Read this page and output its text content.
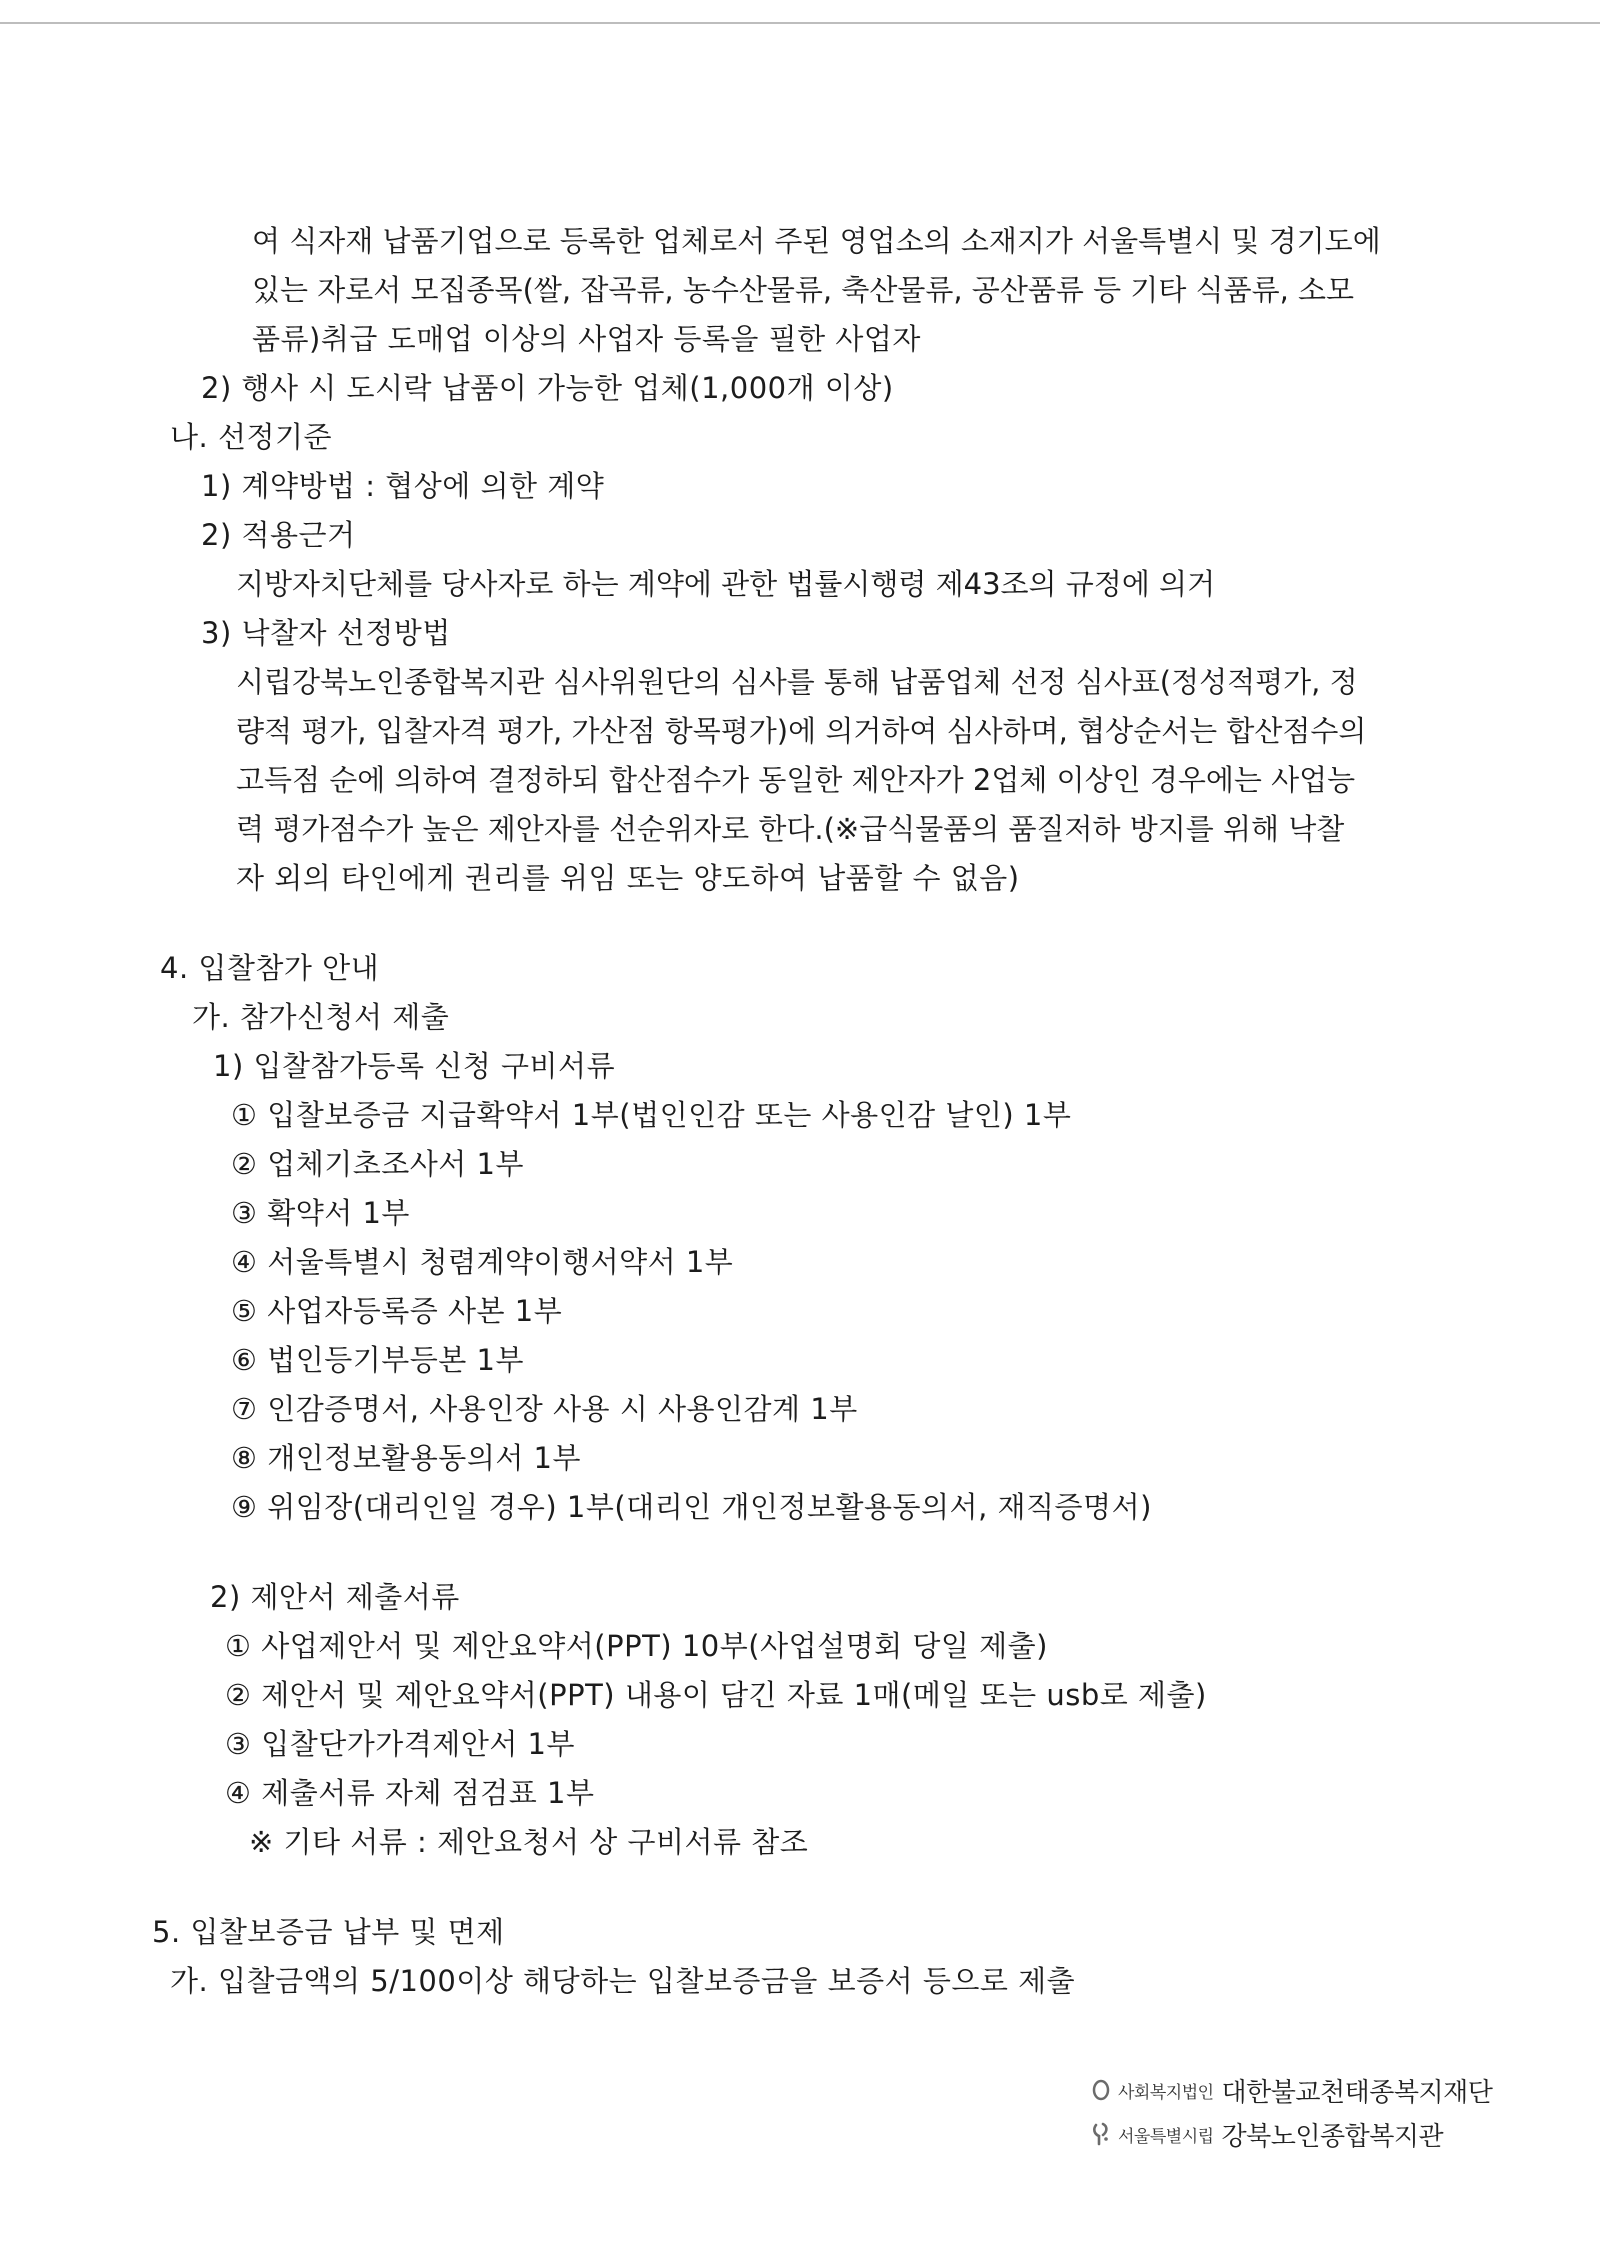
여 식자재 납품기업으로 등록한 업체로서 주된 영업소의 소재지가 서울특별시 및 경기도에
있는 자로서 모집종목(쌀, 잡곡류, 농수산물류, 축산물류, 공산품류 등 기타 식품류, 소모
품류)취급 도매업 이상의 사업자 등록을 필한 사업자
2) 행사 시 도시락 납품이 가능한 업체(1,000개 이상)
나. 선정기준
1) 계약방법 : 협상에 의한 계약
2) 적용근거
지방자치단체를 당사자로 하는 계약에 관한 법률시행령 제43조의 규정에 의거
3) 낙찰자 선정방법
시립강북노인종합복지관 심사위원단의 심사를 통해 납품업체 선정 심사표(정성적평가, 정
량적 평가, 입찰자격 평가, 가산점 항목평가)에 의거하여 심사하며, 협상순서는 합산점수의
고득점 순에 의하여 결정하되 합산점수가 동일한 제안자가 2업체 이상인 경우에는 사업능
력 평가점수가 높은 제안자를 선순위자로 한다.(※급식물품의 품질저하 방지를 위해 낙찰
자 외의 타인에게 권리를 위임 또는 양도하여 납품할 수 없음)
4. 입찰참가 안내
가. 참가신청서 제출
1) 입찰참가등록 신청 구비서류
① 입찰보증금 지급확약서 1부(법인인감 또는 사용인감 날인) 1부
② 업체기초조사서 1부
③ 확약서 1부
④ 서울특별시 청렴계약이행서약서 1부
⑤ 사업자등록증 사본 1부
⑥ 법인등기부등본 1부
⑦ 인감증명서, 사용인장 사용 시 사용인감계 1부
⑧ 개인정보활용동의서 1부
⑨ 위임장(대리인일 경우) 1부(대리인 개인정보활용동의서, 재직증명서)
2) 제안서 제출서류
① 사업제안서 및 제안요약서(PPT) 10부(사업설명회 당일 제출)
② 제안서 및 제안요약서(PPT) 내용이 담긴 자료 1매(메일 또는 usb로 제출)
③ 입찰단가가격제안서 1부
④ 제출서류 자체 점검표 1부
※ 기타 서류 : 제안요청서 상 구비서류 참조
5. 입찰보증금 납부 및 면제
가. 입찰금액의 5/100이상 해당하는 입찰보증금을 보증서 등으로 제출
사회복지법인 대한불교천태종복지재단
서울특별시립 강북노인종합복지관
